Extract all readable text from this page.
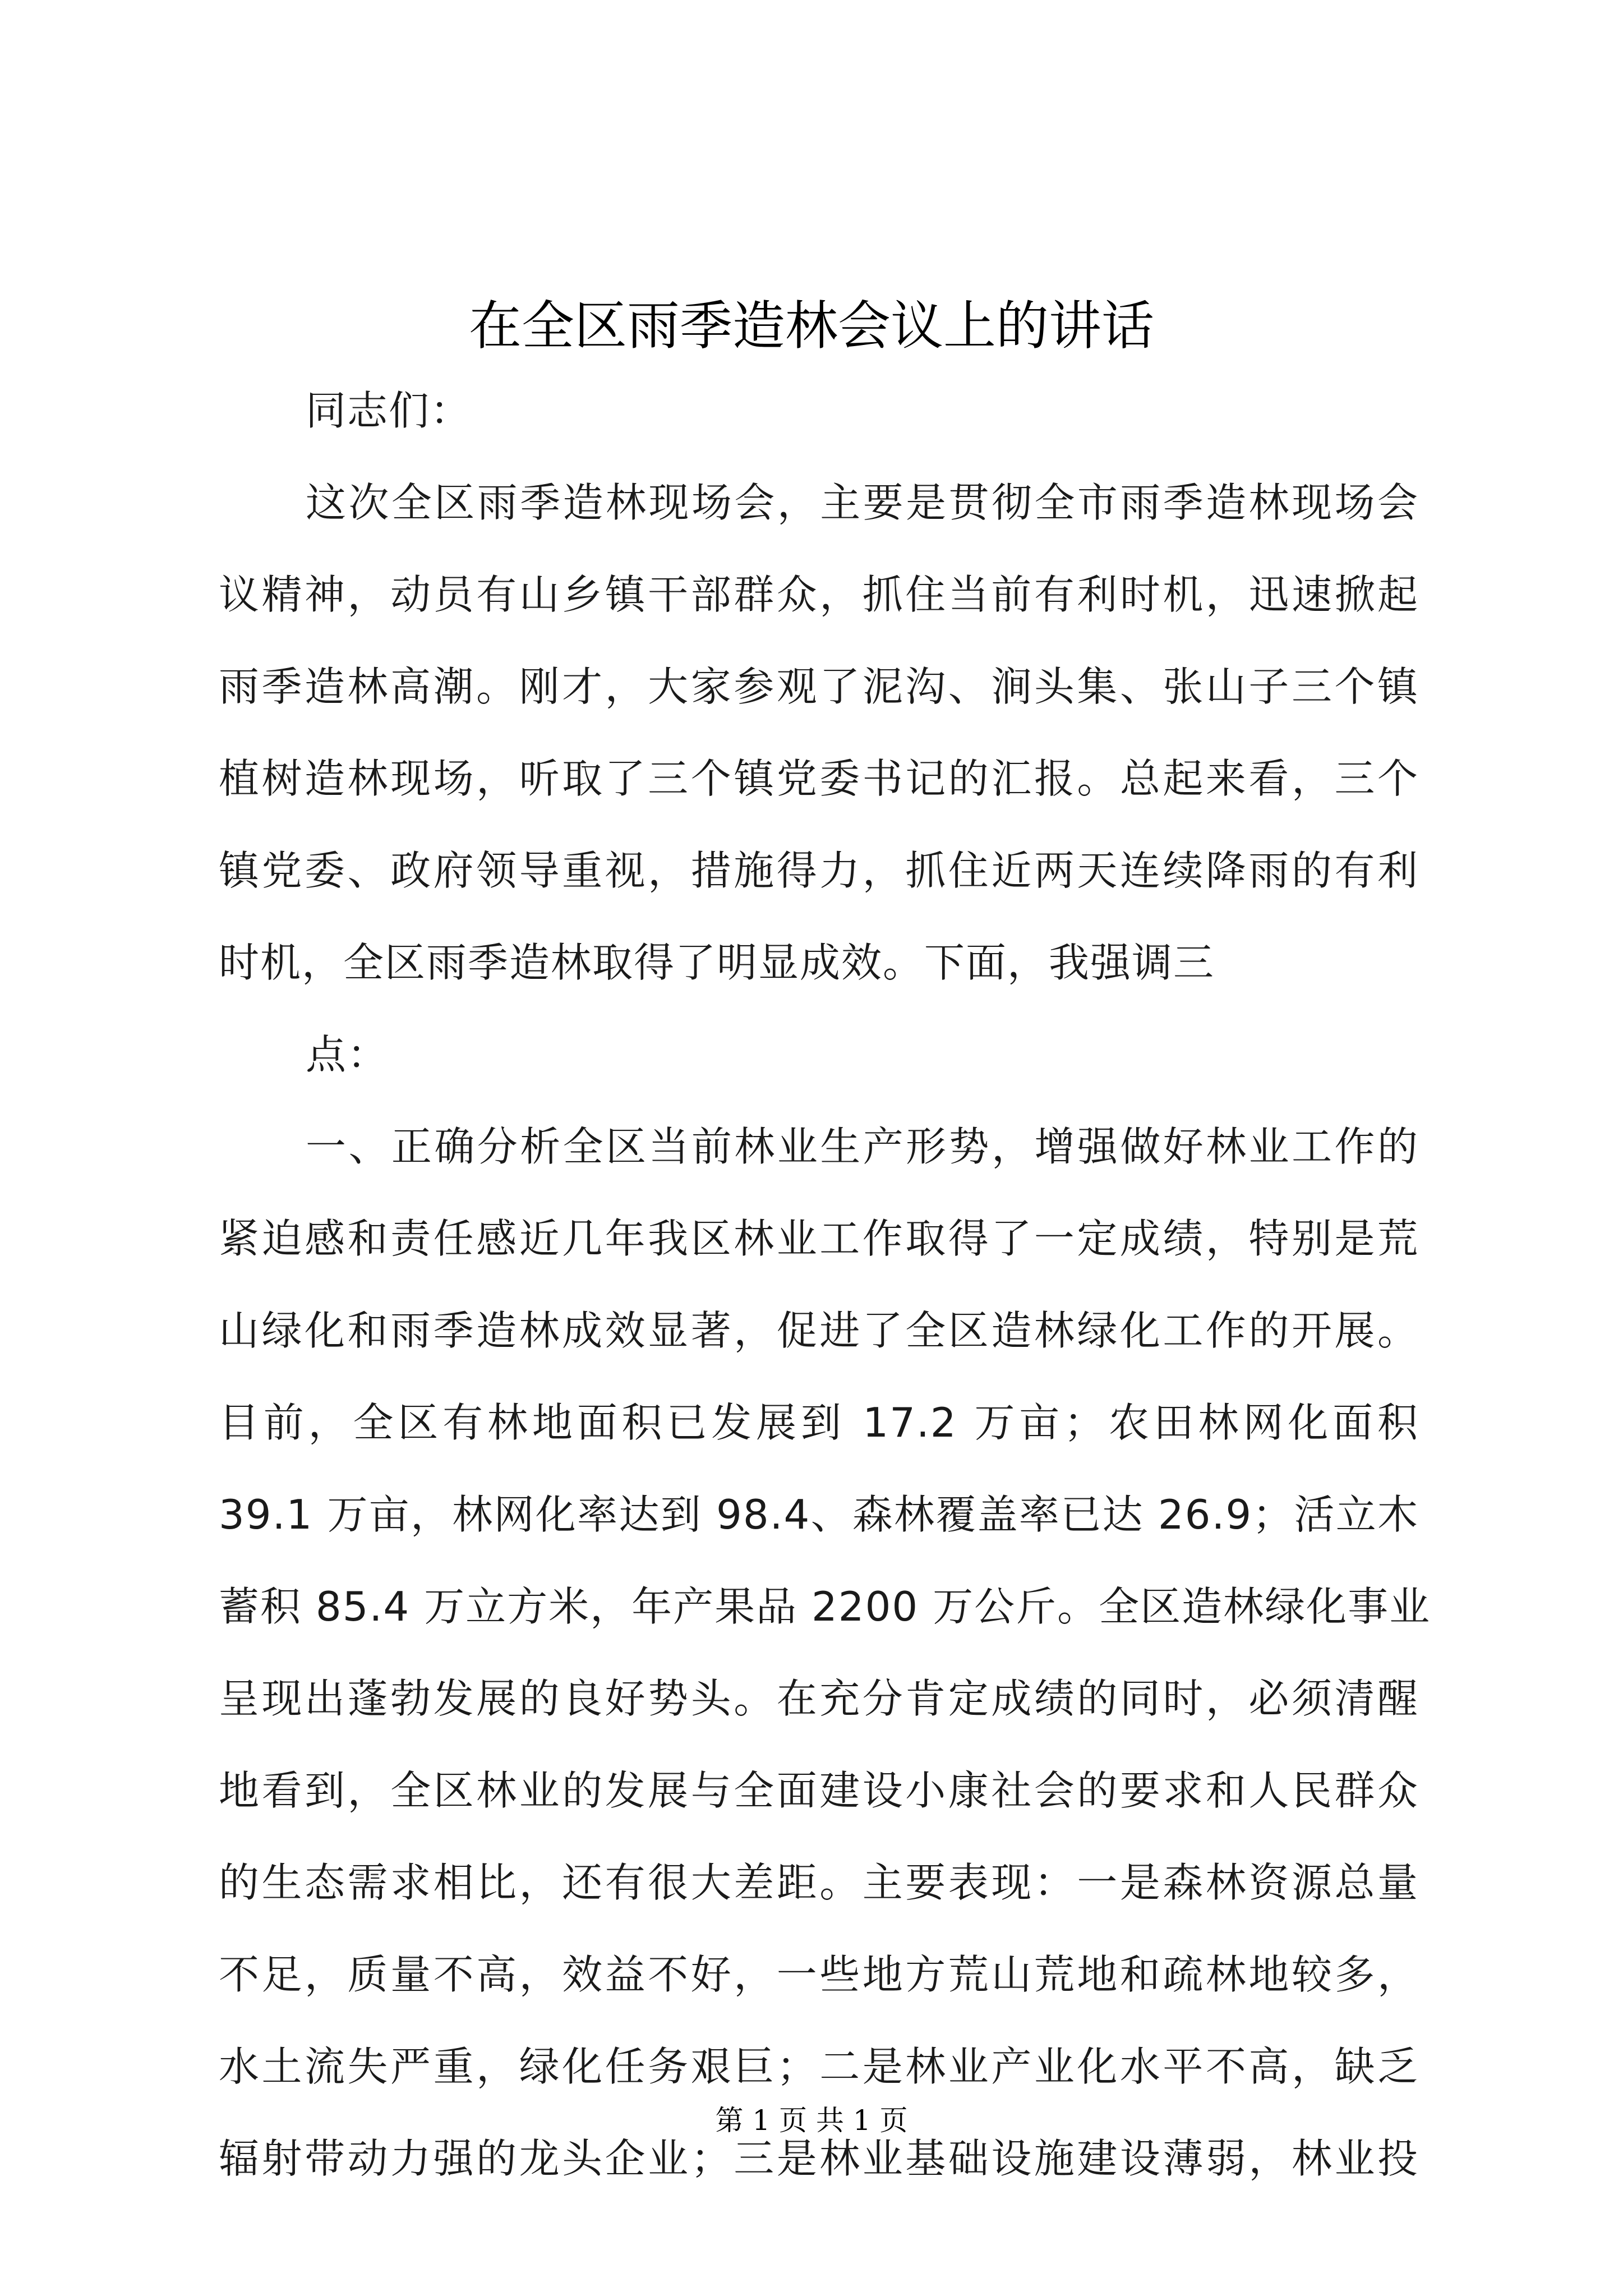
在全区雨季造林会议上的讲话
同志们：
这次全区雨季造林现场会，主要是贯彻全市雨季造林现场会
议精神，动员有山乡镇干部群众，抓住当前有利时机，迅速掀起
雨季造林高潮。刚才，大家参观了泥沟、涧头集、张山子三个镇
植树造林现场，听取了三个镇党委书记的汇报。总起来看，三个
镇党委、政府领导重视，措施得力，抓住近两天连续降雨的有利
时机，全区雨季造林取得了明显成效。下面，我强调三
点：
一、正确分析全区当前林业生产形势，增强做好林业工作的
紧迫感和责任感近几年我区林业工作取得了一定成绩，特别是荒
山绿化和雨季造林成效显著，促进了全区造林绿化工作的开展。
目前，全区有林地面积已发展到 17.2 万亩；农田林网化面积
39.1 万亩，林网化率达到 98.4、森林覆盖率已达 26.9；活立木
蓄积 85.4 万立方米，年产果品 2200 万公斤。全区造林绿化事业
呈现出蓬勃发展的良好势头。在充分肯定成绩的同时，必须清醒
地看到，全区林业的发展与全面建设小康社会的要求和人民群众
的生态需求相比，还有很大差距。主要表现：一是森林资源总量
不足，质量不高，效益不好，一些地方荒山荒地和疏林地较多，
水土流失严重，绿化任务艰巨；二是林业产业化水平不高，缺乏
辐射带动力强的龙头企业；三是林业基础设施建设薄弱，林业投
第 1 页 共 1 页
